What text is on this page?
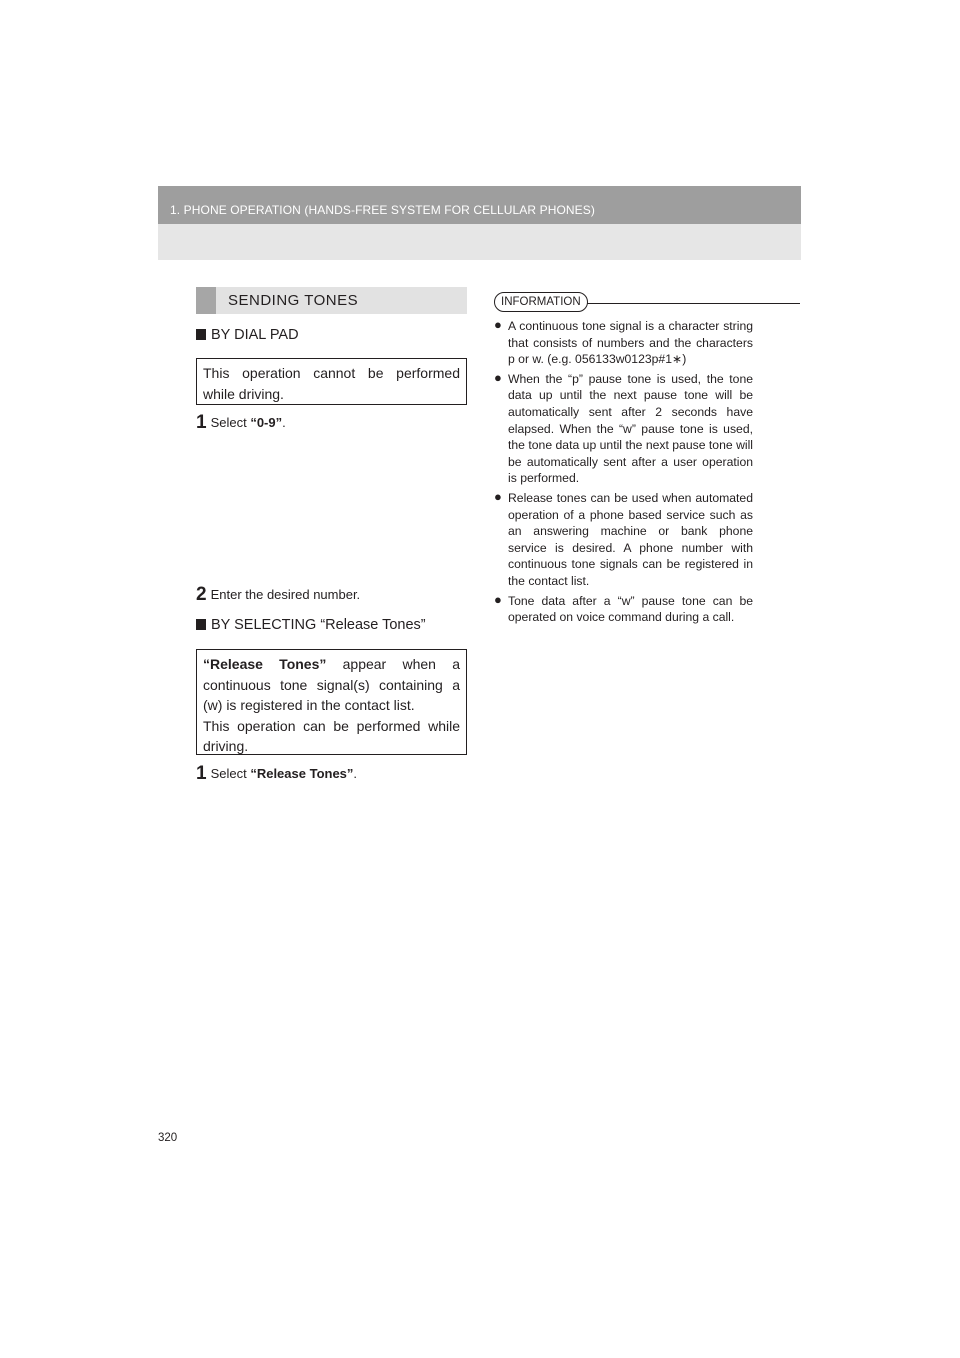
1. PHONE OPERATION (HANDS-FREE SYSTEM FOR CELLULAR PHONES)
SENDING TONES
BY DIAL PAD

This operation cannot be performed while driving.

1 Select “0-9”.
2 Enter the desired number.
BY SELECTING “Release Tones”

“Release Tones” appear when a continuous tone signal(s) containing a (w) is registered in the contact list.

This operation can be performed while driving.

1 Select “Release Tones”.
INFORMATION
● A continuous tone signal is a character string that consists of numbers and the characters p or w. (e.g. 056133w0123p#1∗)
● When the “p” pause tone is used, the tone data up until the next pause tone will be automatically sent after 2 seconds have elapsed. When the “w” pause tone is used, the tone data up until the next pause tone will be automatically sent after a user operation is performed.
● Release tones can be used when automated operation of a phone based service such as an answering machine or bank phone service is desired. A phone number with continuous tone signals can be registered in the contact list.
● Tone data after a “w” pause tone can be operated on voice command during a call.
320
